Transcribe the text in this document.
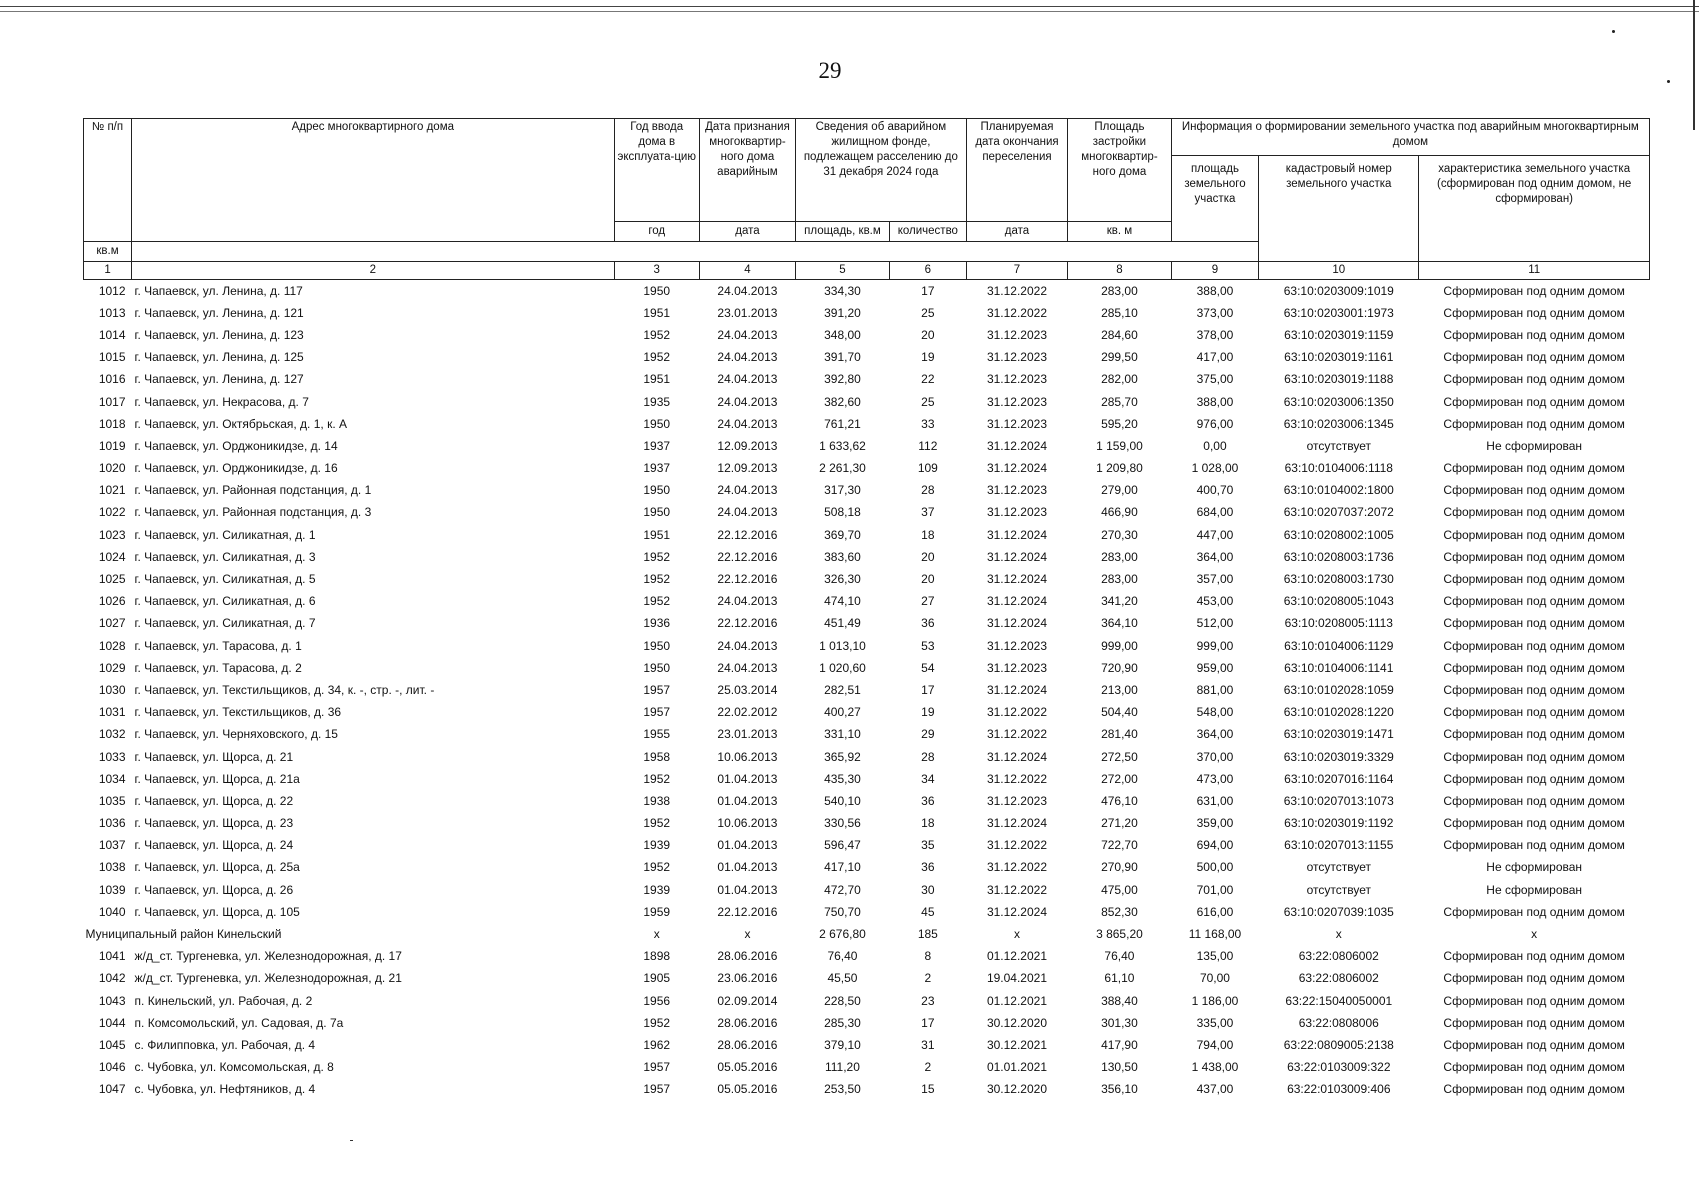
29
№ п/п	Адрес многоквартирного дома	Год ввода дома в эксплуата-цию	Дата признания многоквартир-ного дома аварийным	Сведения об аварийном жилищном фонде, подлежащем расселению до 31 декабря 2024 года		Планируемая дата окончания переселения	Площадь застройки многоквартир-ного дома	Информация о формировании земельного участка под аварийным многоквартирным домом		
								площадь земельного участка	кадастровый номер земельного участка	характеристика земельного участка (сформирован под одним домом, не сформирован)
		год	дата	площадь, кв.м	количество	дата	кв. м			
кв.м										
1	2	3	4	5	6	7	8	9	10	11
1012	г. Чапаевск, ул. Ленина, д. 117	1950	24.04.2013	334,30	17	31.12.2022	283,00	388,00	63:10:0203009:1019	Сформирован под одним домом
1013	г. Чапаевск, ул. Ленина, д. 121	1951	23.01.2013	391,20	25	31.12.2022	285,10	373,00	63:10:0203001:1973	Сформирован под одним домом
1014	г. Чапаевск, ул. Ленина, д. 123	1952	24.04.2013	348,00	20	31.12.2023	284,60	378,00	63:10:0203019:1159	Сформирован под одним домом
1015	г. Чапаевск, ул. Ленина, д. 125	1952	24.04.2013	391,70	19	31.12.2023	299,50	417,00	63:10:0203019:1161	Сформирован под одним домом
1016	г. Чапаевск, ул. Ленина, д. 127	1951	24.04.2013	392,80	22	31.12.2023	282,00	375,00	63:10:0203019:1188	Сформирован под одним домом
1017	г. Чапаевск, ул. Некрасова, д. 7	1935	24.04.2013	382,60	25	31.12.2023	285,70	388,00	63:10:0203006:1350	Сформирован под одним домом
1018	г. Чапаевск, ул. Октябрьская, д. 1, к. А	1950	24.04.2013	761,21	33	31.12.2023	595,20	976,00	63:10:0203006:1345	Сформирован под одним домом
1019	г. Чапаевск, ул. Орджоникидзе, д. 14	1937	12.09.2013	1 633,62	112	31.12.2024	1 159,00	0,00	отсутствует	Не сформирован
1020	г. Чапаевск, ул. Орджоникидзе, д. 16	1937	12.09.2013	2 261,30	109	31.12.2024	1 209,80	1 028,00	63:10:0104006:1118	Сформирован под одним домом
1021	г. Чапаевск, ул. Районная подстанция, д. 1	1950	24.04.2013	317,30	28	31.12.2023	279,00	400,70	63:10:0104002:1800	Сформирован под одним домом
1022	г. Чапаевск, ул. Районная подстанция, д. 3	1950	24.04.2013	508,18	37	31.12.2023	466,90	684,00	63:10:0207037:2072	Сформирован под одним домом
1023	г. Чапаевск, ул. Силикатная, д. 1	1951	22.12.2016	369,70	18	31.12.2024	270,30	447,00	63:10:0208002:1005	Сформирован под одним домом
1024	г. Чапаевск, ул. Силикатная, д. 3	1952	22.12.2016	383,60	20	31.12.2024	283,00	364,00	63:10:0208003:1736	Сформирован под одним домом
1025	г. Чапаевск, ул. Силикатная, д. 5	1952	22.12.2016	326,30	20	31.12.2024	283,00	357,00	63:10:0208003:1730	Сформирован под одним домом
1026	г. Чапаевск, ул. Силикатная, д. 6	1952	24.04.2013	474,10	27	31.12.2024	341,20	453,00	63:10:0208005:1043	Сформирован под одним домом
1027	г. Чапаевск, ул. Силикатная, д. 7	1936	22.12.2016	451,49	36	31.12.2024	364,10	512,00	63:10:0208005:1113	Сформирован под одним домом
1028	г. Чапаевск, ул. Тарасова, д. 1	1950	24.04.2013	1 013,10	53	31.12.2023	999,00	999,00	63:10:0104006:1129	Сформирован под одним домом
1029	г. Чапаевск, ул. Тарасова, д. 2	1950	24.04.2013	1 020,60	54	31.12.2023	720,90	959,00	63:10:0104006:1141	Сформирован под одним домом
1030	г. Чапаевск, ул. Текстильщиков, д. 34, к. -, стр. -, лит. -	1957	25.03.2014	282,51	17	31.12.2024	213,00	881,00	63:10:0102028:1059	Сформирован под одним домом
1031	г. Чапаевск, ул. Текстильщиков, д. 36	1957	22.02.2012	400,27	19	31.12.2022	504,40	548,00	63:10:0102028:1220	Сформирован под одним домом
1032	г. Чапаевск, ул. Черняховского, д. 15	1955	23.01.2013	331,10	29	31.12.2022	281,40	364,00	63:10:0203019:1471	Сформирован под одним домом
1033	г. Чапаевск, ул. Щорса, д. 21	1958	10.06.2013	365,92	28	31.12.2024	272,50	370,00	63:10:0203019:3329	Сформирован под одним домом
1034	г. Чапаевск, ул. Щорса, д. 21а	1952	01.04.2013	435,30	34	31.12.2022	272,00	473,00	63:10:0207016:1164	Сформирован под одним домом
1035	г. Чапаевск, ул. Щорса, д. 22	1938	01.04.2013	540,10	36	31.12.2023	476,10	631,00	63:10:0207013:1073	Сформирован под одним домом
1036	г. Чапаевск, ул. Щорса, д. 23	1952	10.06.2013	330,56	18	31.12.2024	271,20	359,00	63:10:0203019:1192	Сформирован под одним домом
1037	г. Чапаевск, ул. Щорса, д. 24	1939	01.04.2013	596,47	35	31.12.2022	722,70	694,00	63:10:0207013:1155	Сформирован под одним домом
1038	г. Чапаевск, ул. Щорса, д. 25а	1952	01.04.2013	417,10	36	31.12.2022	270,90	500,00	отсутствует	Не сформирован
1039	г. Чапаевск, ул. Щорса, д. 26	1939	01.04.2013	472,70	30	31.12.2022	475,00	701,00	отсутствует	Не сформирован
1040	г. Чапаевск, ул. Щорса, д. 105	1959	22.12.2016	750,70	45	31.12.2024	852,30	616,00	63:10:0207039:1035	Сформирован под одним домом
Муниципальный район Кинельский		x	x	2 676,80	185	x	3 865,20	11 168,00	x	x
1041	ж/д_ст. Тургеневка, ул. Железнодорожная, д. 17	1898	28.06.2016	76,40	8	01.12.2021	76,40	135,00	63:22:0806002	Сформирован под одним домом
1042	ж/д_ст. Тургеневка, ул. Железнодорожная, д. 21	1905	23.06.2016	45,50	2	19.04.2021	61,10	70,00	63:22:0806002	Сформирован под одним домом
1043	п. Кинельский, ул. Рабочая, д. 2	1956	02.09.2014	228,50	23	01.12.2021	388,40	1 186,00	63:22:15040050001	Сформирован под одним домом
1044	п. Комсомольский, ул. Садовая, д. 7а	1952	28.06.2016	285,30	17	30.12.2020	301,30	335,00	63:22:0808006	Сформирован под одним домом
1045	с. Филипповка, ул. Рабочая, д. 4	1962	28.06.2016	379,10	31	30.12.2021	417,90	794,00	63:22:0809005:2138	Сформирован под одним домом
1046	с. Чубовка, ул. Комсомольская, д. 8	1957	05.05.2016	111,20	2	01.01.2021	130,50	1 438,00	63:22:0103009:322	Сформирован под одним домом
1047	с. Чубовка, ул. Нефтяников, д. 4	1957	05.05.2016	253,50	15	30.12.2020	356,10	437,00	63:22:0103009:406	Сформирован под одним домом
